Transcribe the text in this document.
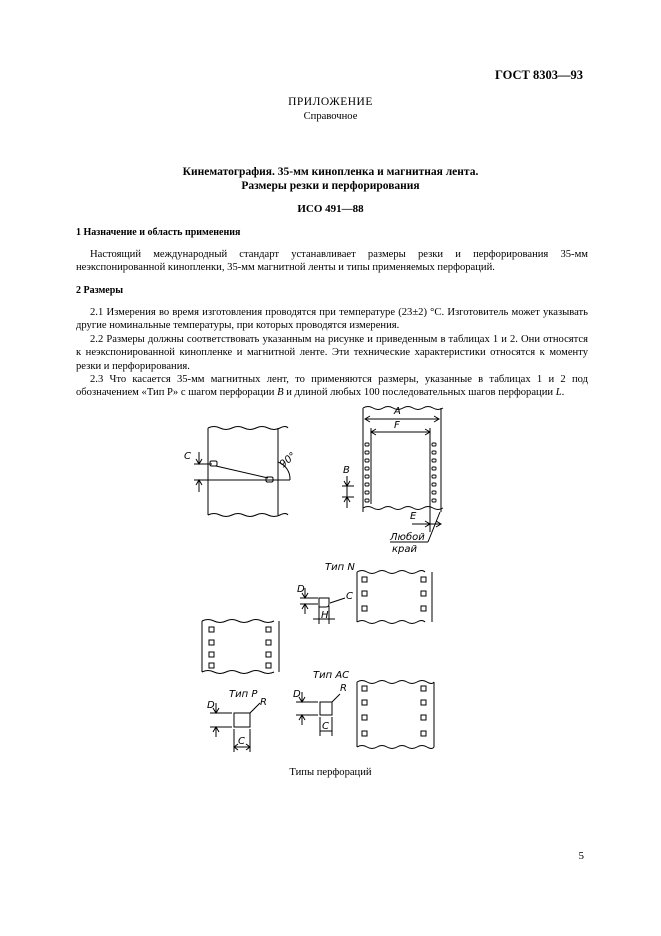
ГОСТ 8303—93
ПРИЛОЖЕНИЕ
Справочное
Кинематография. 35-мм кинопленка и магнитная лента.
Размеры резки и перфорирования
ИСО 491—88
1 Назначение и область применения

Настоящий международный стандарт устанавливает размеры резки и перфорирования 35-мм неэкспонированной кинопленки, 35-мм магнитной ленты и типы применяемых перфораций.

2 Размеры

2.1 Измерения во время изготовления проводятся при температуре (23±2) °С. Изготовитель может указывать другие номинальные температуры, при которых проводятся измерения.

2.2 Размеры должны соответствовать указанным на рисунке и приведенным в таблицах 1 и 2. Они относятся к неэкспонированной кинопленке и магнитной ленте. Эти технические характеристики относятся к моменту резки и перфорирования.

2.3 Что касается 35-мм магнитных лент, то применяются размеры, указанные в таблицах 1 и 2 под обозначением «Тип P» с шагом перфорации B и длиной любых 100 последовательных шагов перфорации L.

C	90°
A
F
B
E
Любой
край
Тип N
D
C
H
Тип AC
R
D
C
Тип P
R
D
C
Типы перфораций
5
